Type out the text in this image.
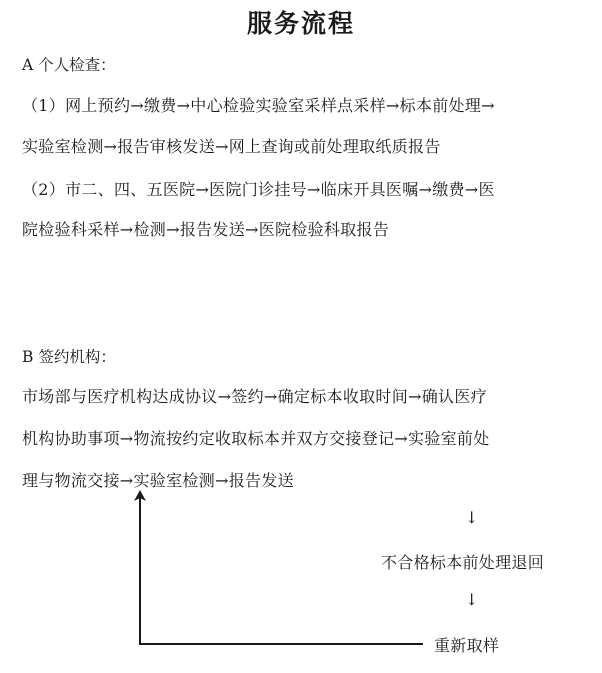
服务流程
A 个人检查：
（1）网上预约→缴费→中心检验实验室采样点采样→标本前处理→
实验室检测→报告审核发送→网上查询或前处理取纸质报告
（2）市二、四、五医院→医院门诊挂号→临床开具医嘱→缴费→医
院检验科采样→检测→报告发送→医院检验科取报告
B 签约机构：
市场部与医疗机构达成协议→签约→确定标本收取时间→确认医疗
机构协助事项→物流按约定收取标本并双方交接登记→实验室前处
理与物流交接→实验室检测→报告发送
↓
不合格标本前处理退回
↓
重新取样
